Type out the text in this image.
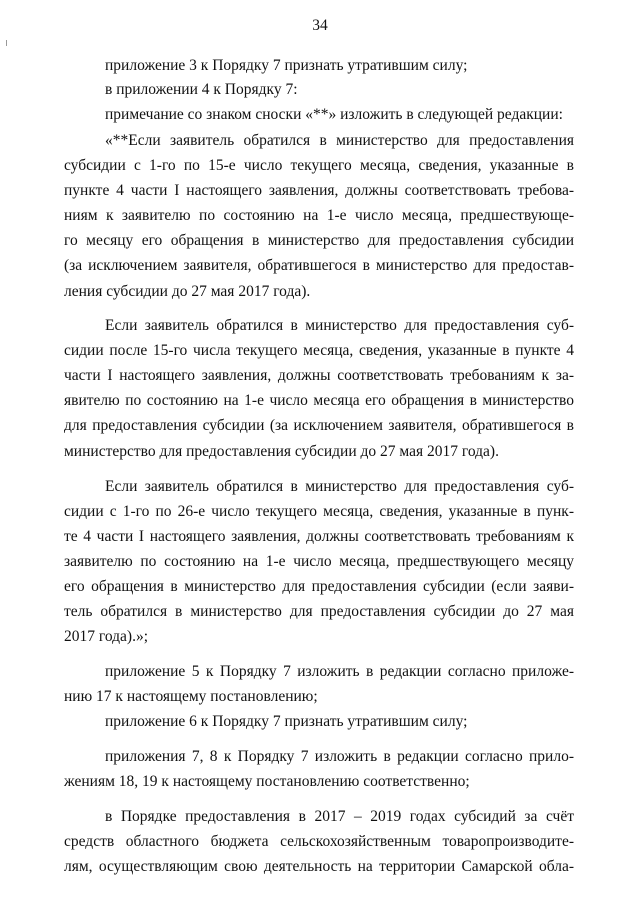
34
приложение 3 к Порядку 7 признать утратившим силу;
в приложении 4 к Порядку 7:
примечание со знаком сноски «**» изложить в следующей редакции:
«**Если заявитель обратился в министерство для предоставления
субсидии с 1-го по 15-е число текущего месяца, сведения, указанные в
пункте 4 части I настоящего заявления, должны соответствовать требова-
ниям к заявителю по состоянию на 1-е число месяца, предшествующе-
го месяцу его обращения в министерство для предоставления субсидии
(за исключением заявителя, обратившегося в министерство для предостав-
ления субсидии до 27 мая 2017 года).
Если заявитель обратился в министерство для предоставления суб-
сидии после 15-го числа текущего месяца, сведения, указанные в пункте 4
части I настоящего заявления, должны соответствовать требованиям к за-
явителю по состоянию на 1-е число месяца его обращения в министерство
для предоставления субсидии (за исключением заявителя, обратившегося в
министерство для предоставления субсидии до 27 мая 2017 года).
Если заявитель обратился в министерство для предоставления суб-
сидии с 1-го по 26-е число текущего месяца, сведения, указанные в пунк-
те 4 части I настоящего заявления, должны соответствовать требованиям к
заявителю по состоянию на 1-е число месяца, предшествующего месяцу
его обращения в министерство для предоставления субсидии (если заяви-
тель обратился в министерство для предоставления субсидии до 27 мая
2017 года).»;
приложение 5 к Порядку 7 изложить в редакции согласно приложе-
нию 17 к настоящему постановлению;
приложение 6 к Порядку 7 признать утратившим силу;
приложения 7, 8 к Порядку 7 изложить в редакции согласно прило-
жениям 18, 19 к настоящему постановлению соответственно;
в Порядке предоставления в 2017 – 2019 годах субсидий за счёт
средств областного бюджета сельскохозяйственным товаропроизводите-
лям, осуществляющим свою деятельность на территории Самарской обла-
